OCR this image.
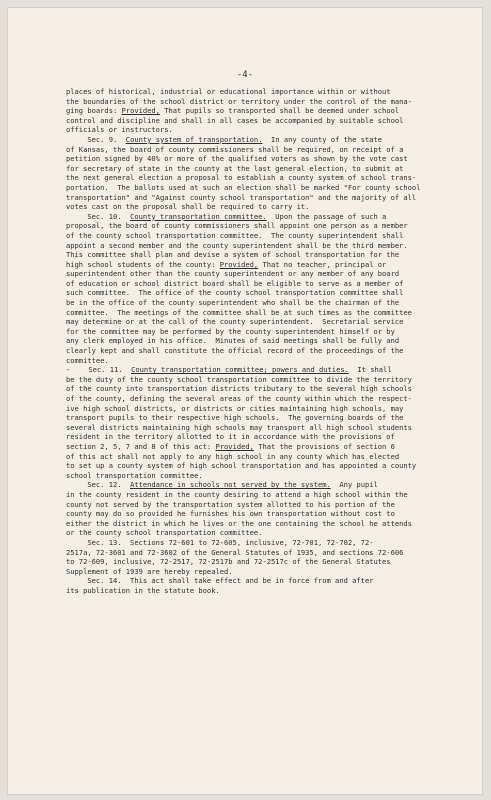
-4-
places of historical, industrial or educational importance within or without
the boundaries of the school district or territory under the control of the mana-
ging boards: Provided, That pupils so transported shall be deemed under school
control and discipline and shall in all cases be accompanied by suitable school
officials or instructors.
Sec. 9.  County system of transportation.  In any county of the state
of Kansas, the board of county commissioners shall be required, on receipt of a
petition signed by 40% or more of the qualified voters as shown by the vote cast
for secretary of state in the county at the last general election, to submit at
the next general election a proposal to establish a county system of school trans-
portation.  The ballots used at such an election shall be marked "For county school
transportation" and "Against county school transportation" and the majority of all
votes cast on the proposal shall be required to carry it.
Sec. 10.  County transportation committee.  Upon the passage of such a
proposal, the board of county commissioners shall appoint one person as a member
of the county school transportation committee.  The county superintendent shall
appoint a second member and the county superintendent shall be the third member.
This committee shall plan and devise a system of school transportation for the
high school students of the county: Provided, That no teacher, principal or
superintendent other than the county superintendent or any member of any board
of education or school district board shall be eligible to serve as a member of
such committee.  The office of the county school transportation committee shall
be in the office of the county superintendent who shall be the chairman of the
committee.  The meetings of the committee shall be at such times as the committee
may determine or at the call of the county superintendent.  Secretarial service
for the committee may be performed by the county superintendent himself or by
any clerk employed in his office.  Minutes of said meetings shall be fully and
clearly kept and shall constitute the official record of the proceedings of the
committee.
-    Sec. 11.  County transportation committee; powers and duties.  It shall
be the duty of the county school transportation committee to divide the territory
of the county into transportation districts tributary to the several high schools
of the county, defining the several areas of the county within which the respect-
ive high school districts, or districts or cities maintaining high schools, may
transport pupils to their respective high schools.  The governing boards of the
several districts maintaining high schools may transport all high school students
resident in the territory allotted to it in accordance with the provisions of
section 2, 5, 7 and 8 of this act: Provided, That the provisions of section 6
of this act shall not apply to any high school in any county which has elected
to set up a county system of high school transportation and has appointed a county
school transportation committee.
Sec. 12.  Attendance in schools not served by the system.  Any pupil
in the county resident in the county desiring to attend a high school within the
county not served by the transportation system allotted to his portion of the
county may do so provided he furnishes his own transportation without cost to
either the district in which he lives or the one containing the school he attends
or the county school transportation committee.
Sec. 13.  Sections 72-601 to 72-605, inclusive, 72-701, 72-702, 72-
2517a, 72-3601 and 72-3602 of the General Statutes of 1935, and sections 72-606
to 72-609, inclusive, 72-2517, 72-2517b and 72-2517c of the General Statutes
Supplement of 1939 are hereby repealed.
Sec. 14.  This act shall take effect and be in force from and after
its publication in the statute book.
